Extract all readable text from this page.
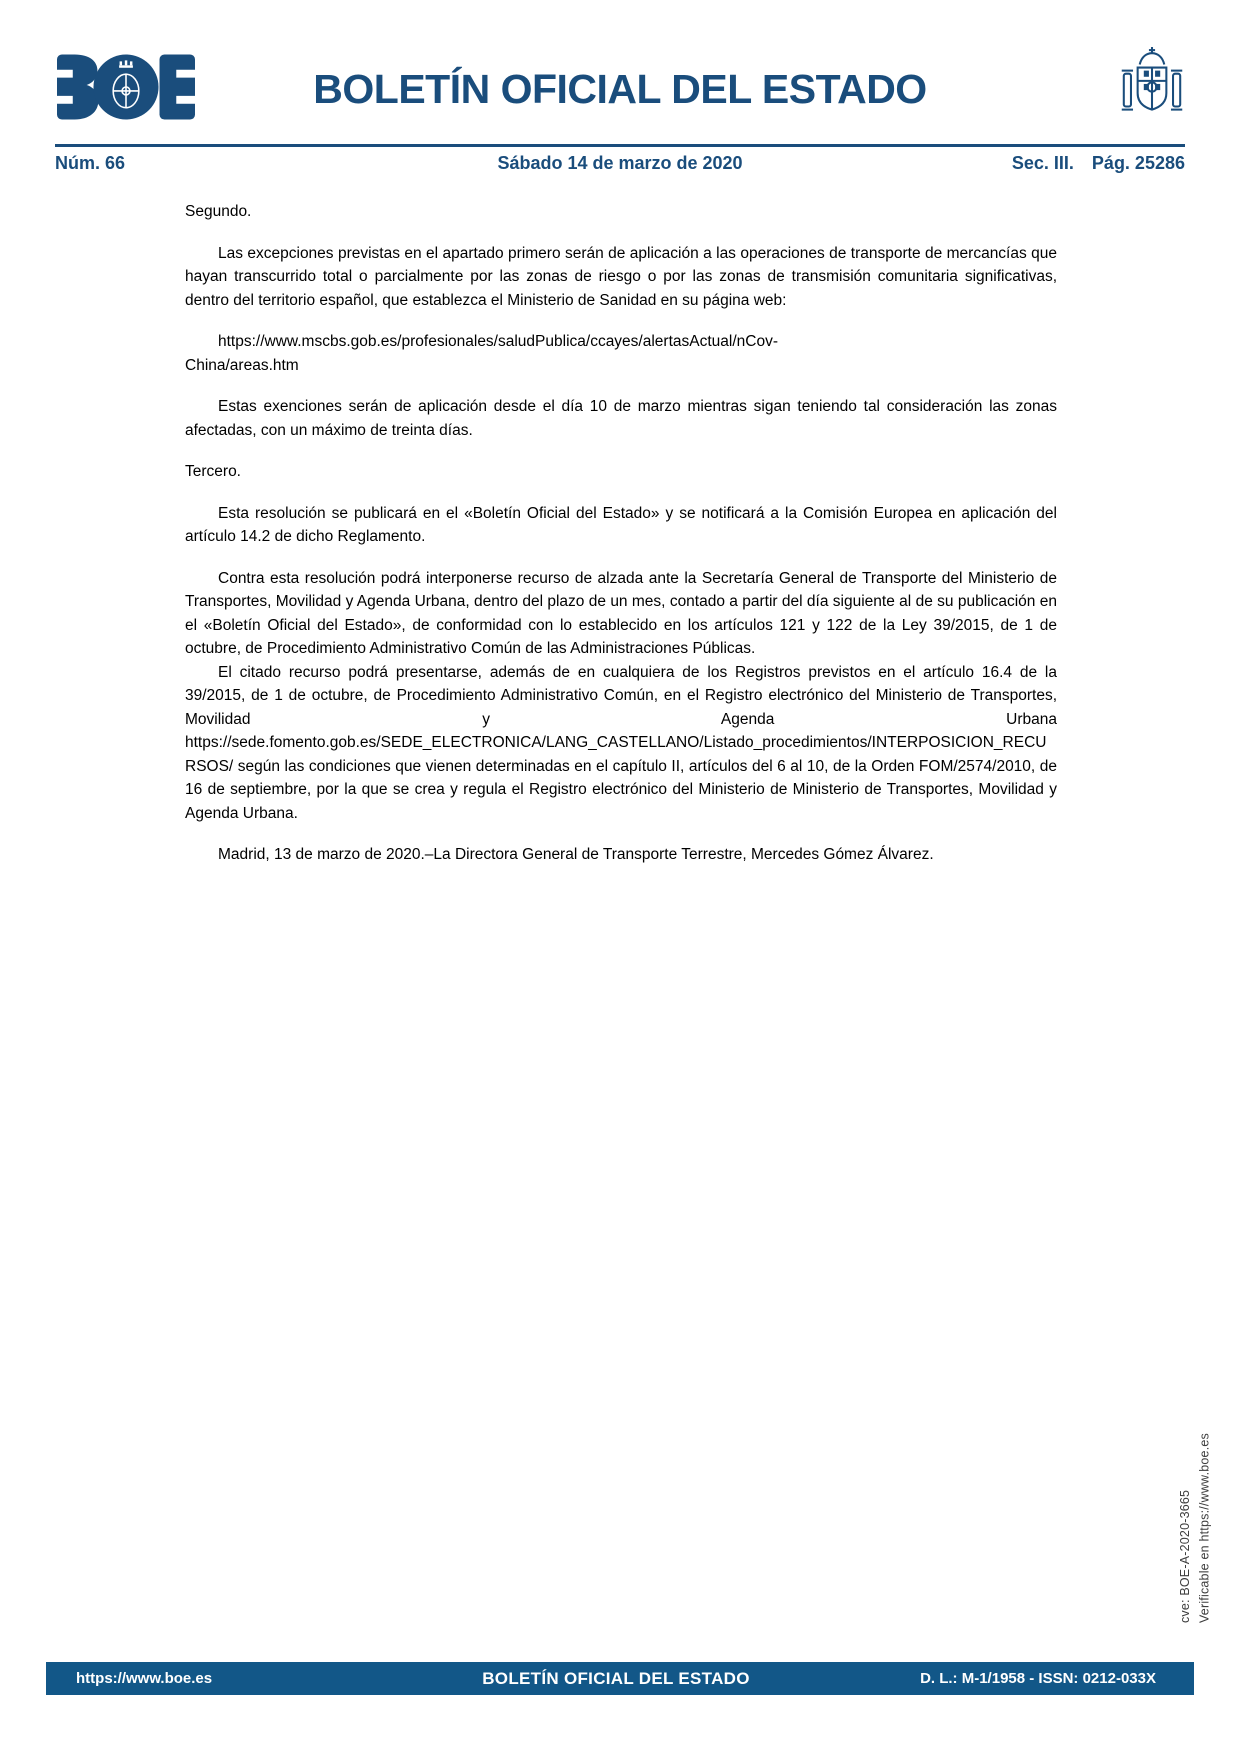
BOLETÍN OFICIAL DEL ESTADO
Núm. 66	Sábado 14 de marzo de 2020	Sec. III. Pág. 25286

Segundo.

Las excepciones previstas en el apartado primero serán de aplicación a las operaciones de transporte de mercancías que hayan transcurrido total o parcialmente por las zonas de riesgo o por las zonas de transmisión comunitaria significativas, dentro del territorio español, que establezca el Ministerio de Sanidad en su página web:

https://www.mscbs.gob.es/profesionales/saludPublica/ccayes/alertasActual/nCov-China/areas.htm

Estas exenciones serán de aplicación desde el día 10 de marzo mientras sigan teniendo tal consideración las zonas afectadas, con un máximo de treinta días.

Tercero.

Esta resolución se publicará en el «Boletín Oficial del Estado» y se notificará a la Comisión Europea en aplicación del artículo 14.2 de dicho Reglamento.

Contra esta resolución podrá interponerse recurso de alzada ante la Secretaría General de Transporte del Ministerio de Transportes, Movilidad y Agenda Urbana, dentro del plazo de un mes, contado a partir del día siguiente al de su publicación en el «Boletín Oficial del Estado», de conformidad con lo establecido en los artículos 121 y 122 de la Ley 39/2015, de 1 de octubre, de Procedimiento Administrativo Común de las Administraciones Públicas.

El citado recurso podrá presentarse, además de en cualquiera de los Registros previstos en el artículo 16.4 de la 39/2015, de 1 de octubre, de Procedimiento Administrativo Común, en el Registro electrónico del Ministerio de Transportes, Movilidad y Agenda Urbana https://sede.fomento.gob.es/SEDE_ELECTRONICA/LANG_CASTELLANO/Listado_procedimientos/INTERPOSICION_RECURSOS/ según las condiciones que vienen determinadas en el capítulo II, artículos del 6 al 10, de la Orden FOM/2574/2010, de 16 de septiembre, por la que se crea y regula el Registro electrónico del Ministerio de Ministerio de Transportes, Movilidad y Agenda Urbana.

Madrid, 13 de marzo de 2020.–La Directora General de Transporte Terrestre, Mercedes Gómez Álvarez.

cve: BOE-A-2020-3665 Verificable en https://www.boe.es
https://www.boe.es	BOLETÍN OFICIAL DEL ESTADO	D. L.: M-1/1958 - ISSN: 0212-033X
